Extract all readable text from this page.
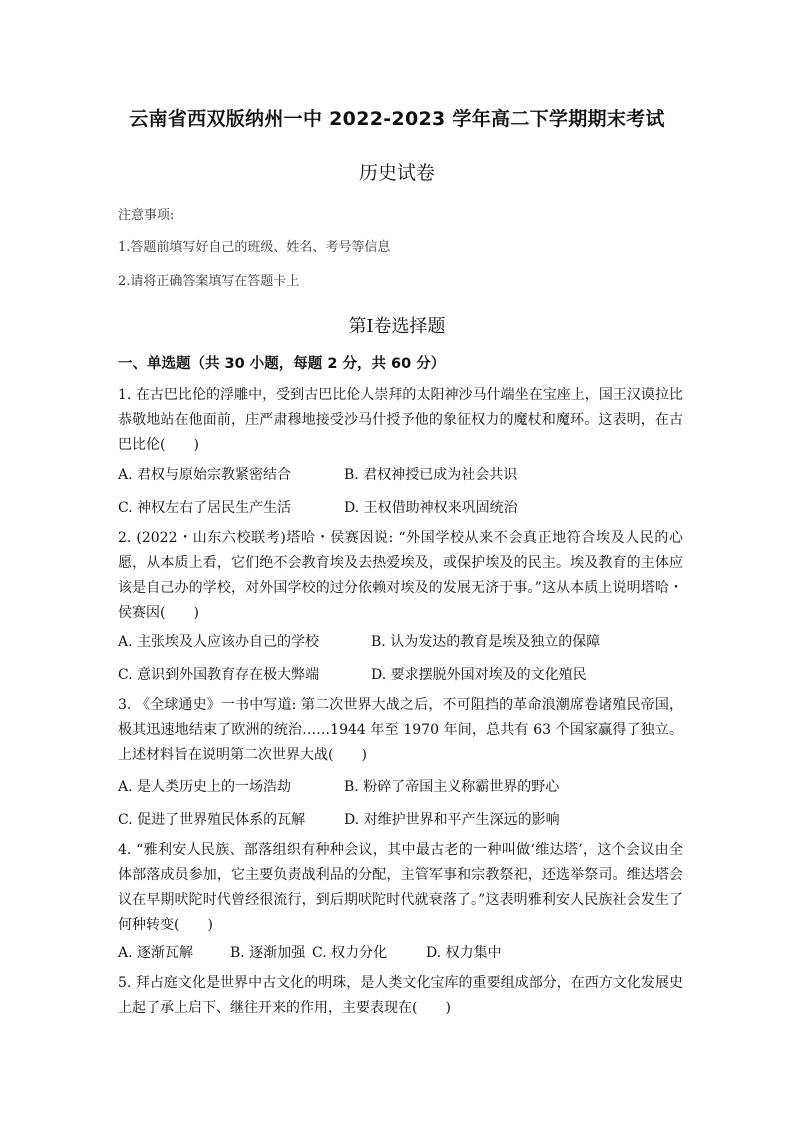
云南省西双版纳州一中 2022-2023 学年高二下学期期末考试
历史试卷
注意事项:
1.答题前填写好自己的班级、姓名、考号等信息
2.请将正确答案填写在答题卡上
第Ⅰ卷选择题
一、单选题（共 30 小题，每题 2 分，共 60 分）
1. 在古巴比伦的浮雕中，受到古巴比伦人崇拜的太阳神沙马什端坐在宝座上，国王汉谟拉比恭敬地站在他面前，庄严肃穆地接受沙马什授予他的象征权力的魔杖和魔环。这表明，在古巴比伦(　　)
A. 君权与原始宗教紧密结合	B. 君权神授已成为社会共识
C. 神权左右了居民生产生活	D. 王权借助神权来巩固统治
2. (2022・山东六校联考)塔哈・侯赛因说: “外国学校从来不会真正地符合埃及人民的心愿，从本质上看，它们绝不会教育埃及去热爱埃及，或保护埃及的民主。埃及教育的主体应该是自己办的学校，对外国学校的过分依赖对埃及的发展无济于事。”这从本质上说明塔哈・侯赛因(　　)
A. 主张埃及人应该办自己的学校	B. 认为发达的教育是埃及独立的保障
C. 意识到外国教育存在极大弊端	D. 要求摆脱外国对埃及的文化殖民
3. 《全球通史》一书中写道: 第二次世界大战之后，不可阻挡的革命浪潮席卷诸殖民帝国，极其迅速地结束了欧洲的统治……1944 年至 1970 年间，总共有 63 个国家赢得了独立。上述材料旨在说明第二次世界大战(　　)
A. 是人类历史上的一场浩劫	B. 粉碎了帝国主义称霸世界的野心
C. 促进了世界殖民体系的瓦解	D. 对维护世界和平产生深远的影响
4. “雅利安人民族、部落组织有种种会议，其中最古老的一种叫做‘维达塔’，这个会议由全体部落成员参加，它主要负责战利品的分配，主管军事和宗教祭祀，还选举祭司。维达塔会议在早期吠陀时代曾经很流行，到后期吠陀时代就衰落了。”这表明雅利安人民族社会发生了何种转变(　　)
A. 逐渐瓦解	B. 逐渐加强 C. 权力分化	D. 权力集中
5. 拜占庭文化是世界中古文化的明珠，是人类文化宝库的重要组成部分，在西方文化发展史上起了承上启下、继往开来的作用，主要表现在(　　)
